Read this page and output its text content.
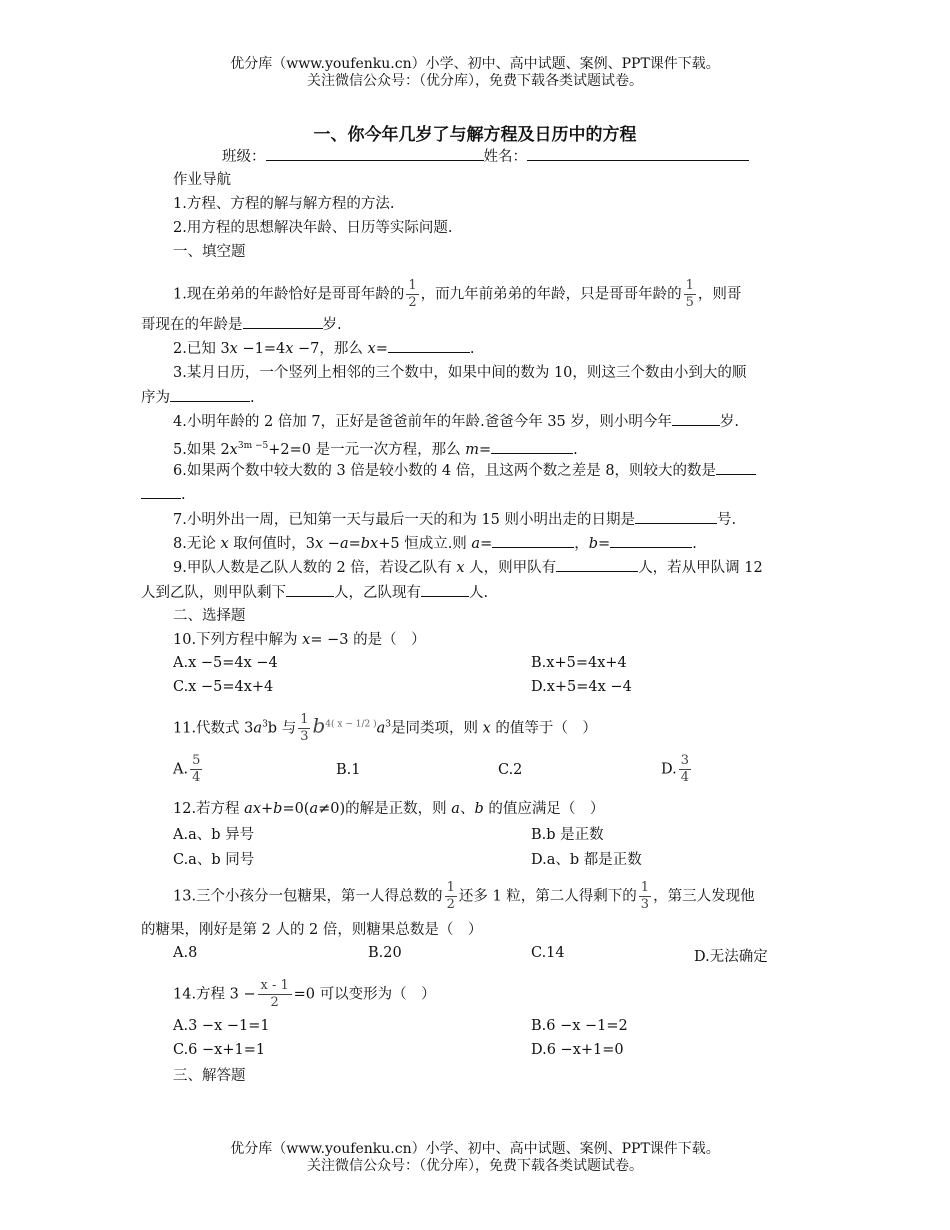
优分库（www.youfenku.cn）小学、初中、高中试题、案例、PPT课件下载。
关注微信公众号：（优分库），免费下载各类试题试卷。
一、你今年几岁了与解方程及日历中的方程
班级：	姓名：
作业导航
1.方程、方程的解与解方程的方法.
2.用方程的思想解决年龄、日历等实际问题.
一、填空题
1.现在弟弟的年龄恰好是哥哥年龄的 $\frac{1}{2}$ ，而九年前弟弟的年龄，只是哥哥年龄的 $\frac{1}{5}$ ，则哥
哥现在的年龄是	岁.
2.已知 3x −1=4x −7，那么 x=	.
3.某月日历，一个竖列上相邻的三个数中，如果中间的数为 10，则这三个数由小到大的顺
序为	.
4.小明年龄的 2 倍加 7，正好是爸爸前年的年龄.爸爸今年 35 岁，则小明今年	岁.
5.如果 $2x^{3m -5}+2=0$ 是一元一次方程，那么 m=	.
6.如果两个数中较大数的 3 倍是较小数的 4 倍，且这两个数之差是 8，则较大的数是
.
7.小明外出一周，已知第一天与最后一天的和为 15 则小明出走的日期是	号.
8.无论 x 取何值时，3x −a=bx+5 恒成立.则 a=	，b=	.
9.甲队人数是乙队人数的 2 倍，若设乙队有 x 人，则甲队有	人，若从甲队调 12
人到乙队，则甲队剩下	人，乙队现有	人.
二、选择题
10.下列方程中解为 x= −3 的是（　）
A.x −5=4x −4	B.x+5=4x+4
C.x −5=4x+4	D.x+5=4x −4
11.代数式 $3a^3b$ 与 $\frac{1}{3} b^{4( x - 1/2 )}a^3$是同类项，则 x 的值等于（　）
A. $\frac{5}{4}$	B.1	C.2	D. $\frac{3}{4}$
12.若方程 ax+b=0(a≠0)的解是正数，则 a、b 的值应满足（　）
A.a、b 异号	B.b 是正数
C.a、b 同号	D.a、b 都是正数
13.三个小孩分一包糖果，第一人得总数的 $\frac{1}{2}$ 还多 1 粒，第二人得剩下的 $\frac{1}{3}$ ，第三人发现他
的糖果，刚好是第 2 人的 2 倍，则糖果总数是（　）
A.8	B.20	C.14	D.无法确定
14.方程 $3 - \frac{x - 1}{2} =0$ 可以变形为（　）
A.3 −x −1=1	B.6 −x −1=2
C.6 −x+1=1	D.6 −x+1=0
三、解答题
优分库（www.youfenku.cn）小学、初中、高中试题、案例、PPT课件下载。
关注微信公众号：（优分库），免费下载各类试题试卷。
